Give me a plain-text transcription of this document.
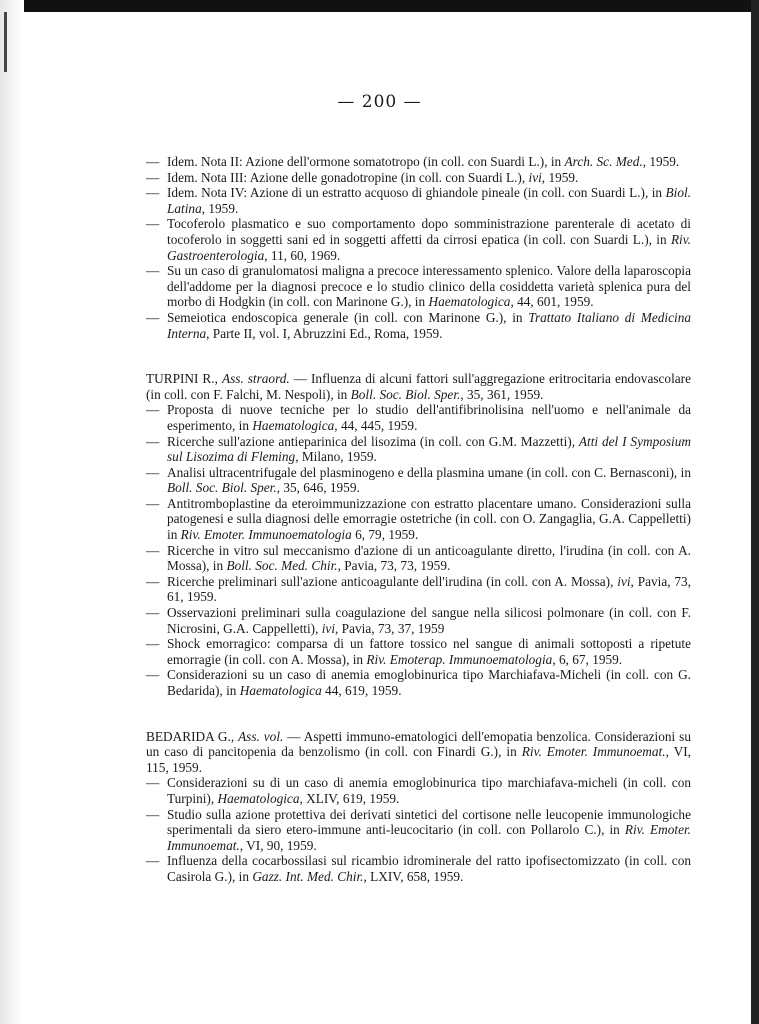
— 200 —

— Idem. Nota II: Azione dell'ormone somatotropo (in coll. con Suardi L.), in Arch. Sc. Med., 1959.

— Idem. Nota III: Azione delle gonadotropine (in coll. con Suardi L.), ivi, 1959.

— Idem. Nota IV: Azione di un estratto acquoso di ghiandole pineale (in coll. con Suardi L.), in Biol. Latina, 1959.

— Tocoferolo plasmatico e suo comportamento dopo somministrazione parenterale di acetato di tocoferolo in soggetti sani ed in soggetti affetti da cirrosi epatica (in coll. con Suardi L.), in Riv. Gastroenterologia, 11, 60, 1969.

— Su un caso di granulomatosi maligna a precoce interessamento splenico. Valore della laparoscopia dell'addome per la diagnosi precoce e lo studio clinico della cosiddetta varietà splenica pura del morbo di Hodgkin (in coll. con Marinone G.), in Haematologica, 44, 601, 1959.

— Semeiotica endoscopica generale (in coll. con Marinone G.), in Trattato Italiano di Medicina Interna, Parte II, vol. I, Abruzzini Ed., Roma, 1959.

TURPINI R., Ass. straord. — Influenza di alcuni fattori sull'aggregazione eritrocitaria endovascolare (in coll. con F. Falchi, M. Nespoli), in Boll. Soc. Biol. Sper., 35, 361, 1959.

— Proposta di nuove tecniche per lo studio dell'antifibrinolisina nell'uomo e nell'animale da esperimento, in Haematologica, 44, 445, 1959.

— Ricerche sull'azione antieparinica del lisozima (in coll. con G.M. Mazzetti), Atti del I Symposium sul Lisozima di Fleming, Milano, 1959.

— Analisi ultracentrifugale del plasminogeno e della plasmina umane (in coll. con C. Bernasconi), in Boll. Soc. Biol. Sper., 35, 646, 1959.

— Antitromboplastine da eteroimmunizzazione con estratto placentare umano. Considerazioni sulla patogenesi e sulla diagnosi delle emorragie ostetriche (in coll. con O. Zangaglia, G.A. Cappelletti) in Riv. Emoter. Immunoematologia 6, 79, 1959.

— Ricerche in vitro sul meccanismo d'azione di un anticoagulante diretto, l'irudina (in coll. con A. Mossa), in Boll. Soc. Med. Chir., Pavia, 73, 73, 1959.

— Ricerche preliminari sull'azione anticoagulante dell'irudina (in coll. con A. Mossa), ivi, Pavia, 73, 61, 1959.

— Osservazioni preliminari sulla coagulazione del sangue nella silicosi polmonare (in coll. con F. Nicrosini, G.A. Cappelletti), ivi, Pavia, 73, 37, 1959

— Shock emorragico: comparsa di un fattore tossico nel sangue di animali sottoposti a ripetute emorragie (in coll. con A. Mossa), in Riv. Emoterap. Immunoematologia, 6, 67, 1959.

— Considerazioni su un caso di anemia emoglobinurica tipo Marchiafava-Micheli (in coll. con G. Bedarida), in Haematologica 44, 619, 1959.

BEDARIDA G., Ass. vol. — Aspetti immuno-ematologici dell'emopatia benzolica. Considerazioni su un caso di pancitopenia da benzolismo (in coll. con Finardi G.), in Riv. Emoter. Immunoemat., VI, 115, 1959.

— Considerazioni su di un caso di anemia emoglobinurica tipo marchiafava-micheli (in coll. con Turpini), Haematologica, XLIV, 619, 1959.

— Studio sulla azione protettiva dei derivati sintetici del cortisone nelle leucopenie immunologiche sperimentali da siero etero-immune anti-leucocitario (in coll. con Pollarolo C.), in Riv. Emoter. Immunoemat., VI, 90, 1959.

— Influenza della cocarbossilasi sul ricambio idrominerale del ratto ipofisectomizzato (in coll. con Casirola G.), in Gazz. Int. Med. Chir., LXIV, 658, 1959.
